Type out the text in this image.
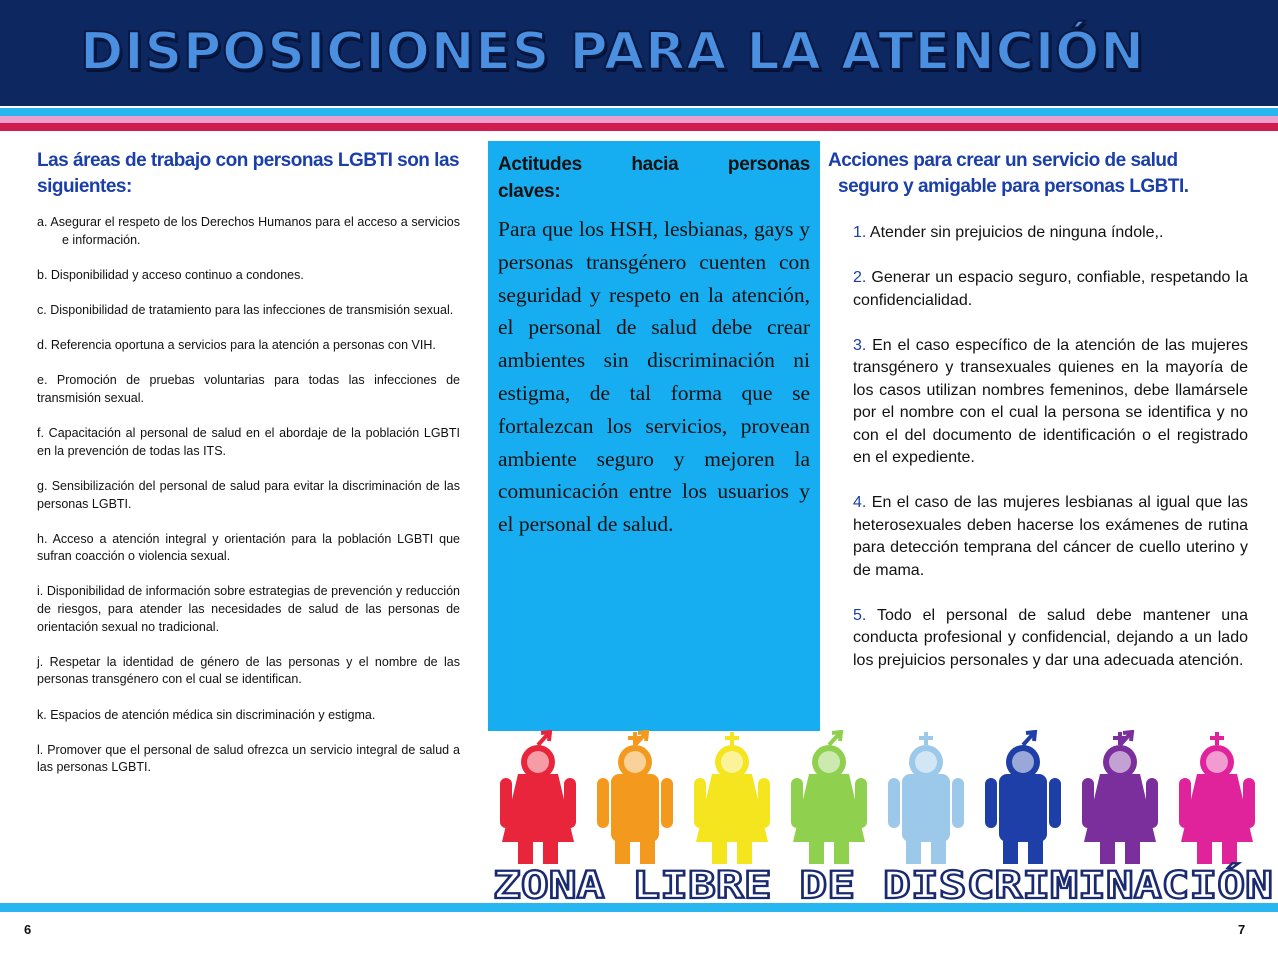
DISPOSICIONES PARA LA ATENCIÓN
Las áreas de trabajo con personas LGBTI son las siguientes:
a. Asegurar el respeto de los Derechos Humanos para el acceso a servicios e información.
b. Disponibilidad y acceso continuo a condones.
c. Disponibilidad de tratamiento para las infecciones de transmisión sexual.
d. Referencia oportuna a servicios para la atención a personas con VIH.
e. Promoción de pruebas voluntarias para todas las infecciones de transmisión sexual.
f. Capacitación al personal de salud en el abordaje de la población LGBTI en la prevención de todas las ITS.
g. Sensibilización del personal de salud para evitar la discriminación de las personas LGBTI.
h. Acceso a atención integral y orientación para la población LGBTI que sufran coacción o violencia sexual.
i. Disponibilidad de información sobre estrategias de prevención y reducción de riesgos, para atender las necesidades de salud de las personas de orientación sexual no tradicional.
j. Respetar la identidad de género de las personas y el nombre de las personas transgénero con el cual se identifican.
k. Espacios de atención médica sin discriminación y estigma.
l. Promover que el personal de salud ofrezca un servicio integral de salud a las personas LGBTI.
Actitudes hacia personas
claves:

Para que los HSH, lesbianas, gays y personas transgénero cuenten con seguridad y respeto en la atención, el personal de salud debe crear ambientes sin discriminación ni estigma, de tal forma que se fortalezcan los servicios, provean ambiente seguro y mejoren la comunicación entre los usuarios y el personal de salud.

Acciones para crear un servicio de salud
seguro y amigable para personas LGBTI.
1. Atender sin prejuicios de ninguna índole,.
2. Generar un espacio seguro, confiable, respetando la confidencialidad.
3. En el caso específico de la atención de las mujeres transgénero y transexuales quienes en la mayoría de los casos utilizan nombres femeninos, debe llamársele por el nombre con el cual la persona se identifica y no con el del documento de identificación o el registrado en el expediente.
4. En el caso de las mujeres lesbianas al igual que las heterosexuales deben hacerse los exámenes de rutina para detección temprana del cáncer de cuello uterino y de mama.
5. Todo el personal de salud debe mantener una conducta profesional y confidencial, dejando a un lado los prejuicios personales y dar una adecuada atención.
ZONA LIBRE DE DISCRIMINACIÓN
6	7
